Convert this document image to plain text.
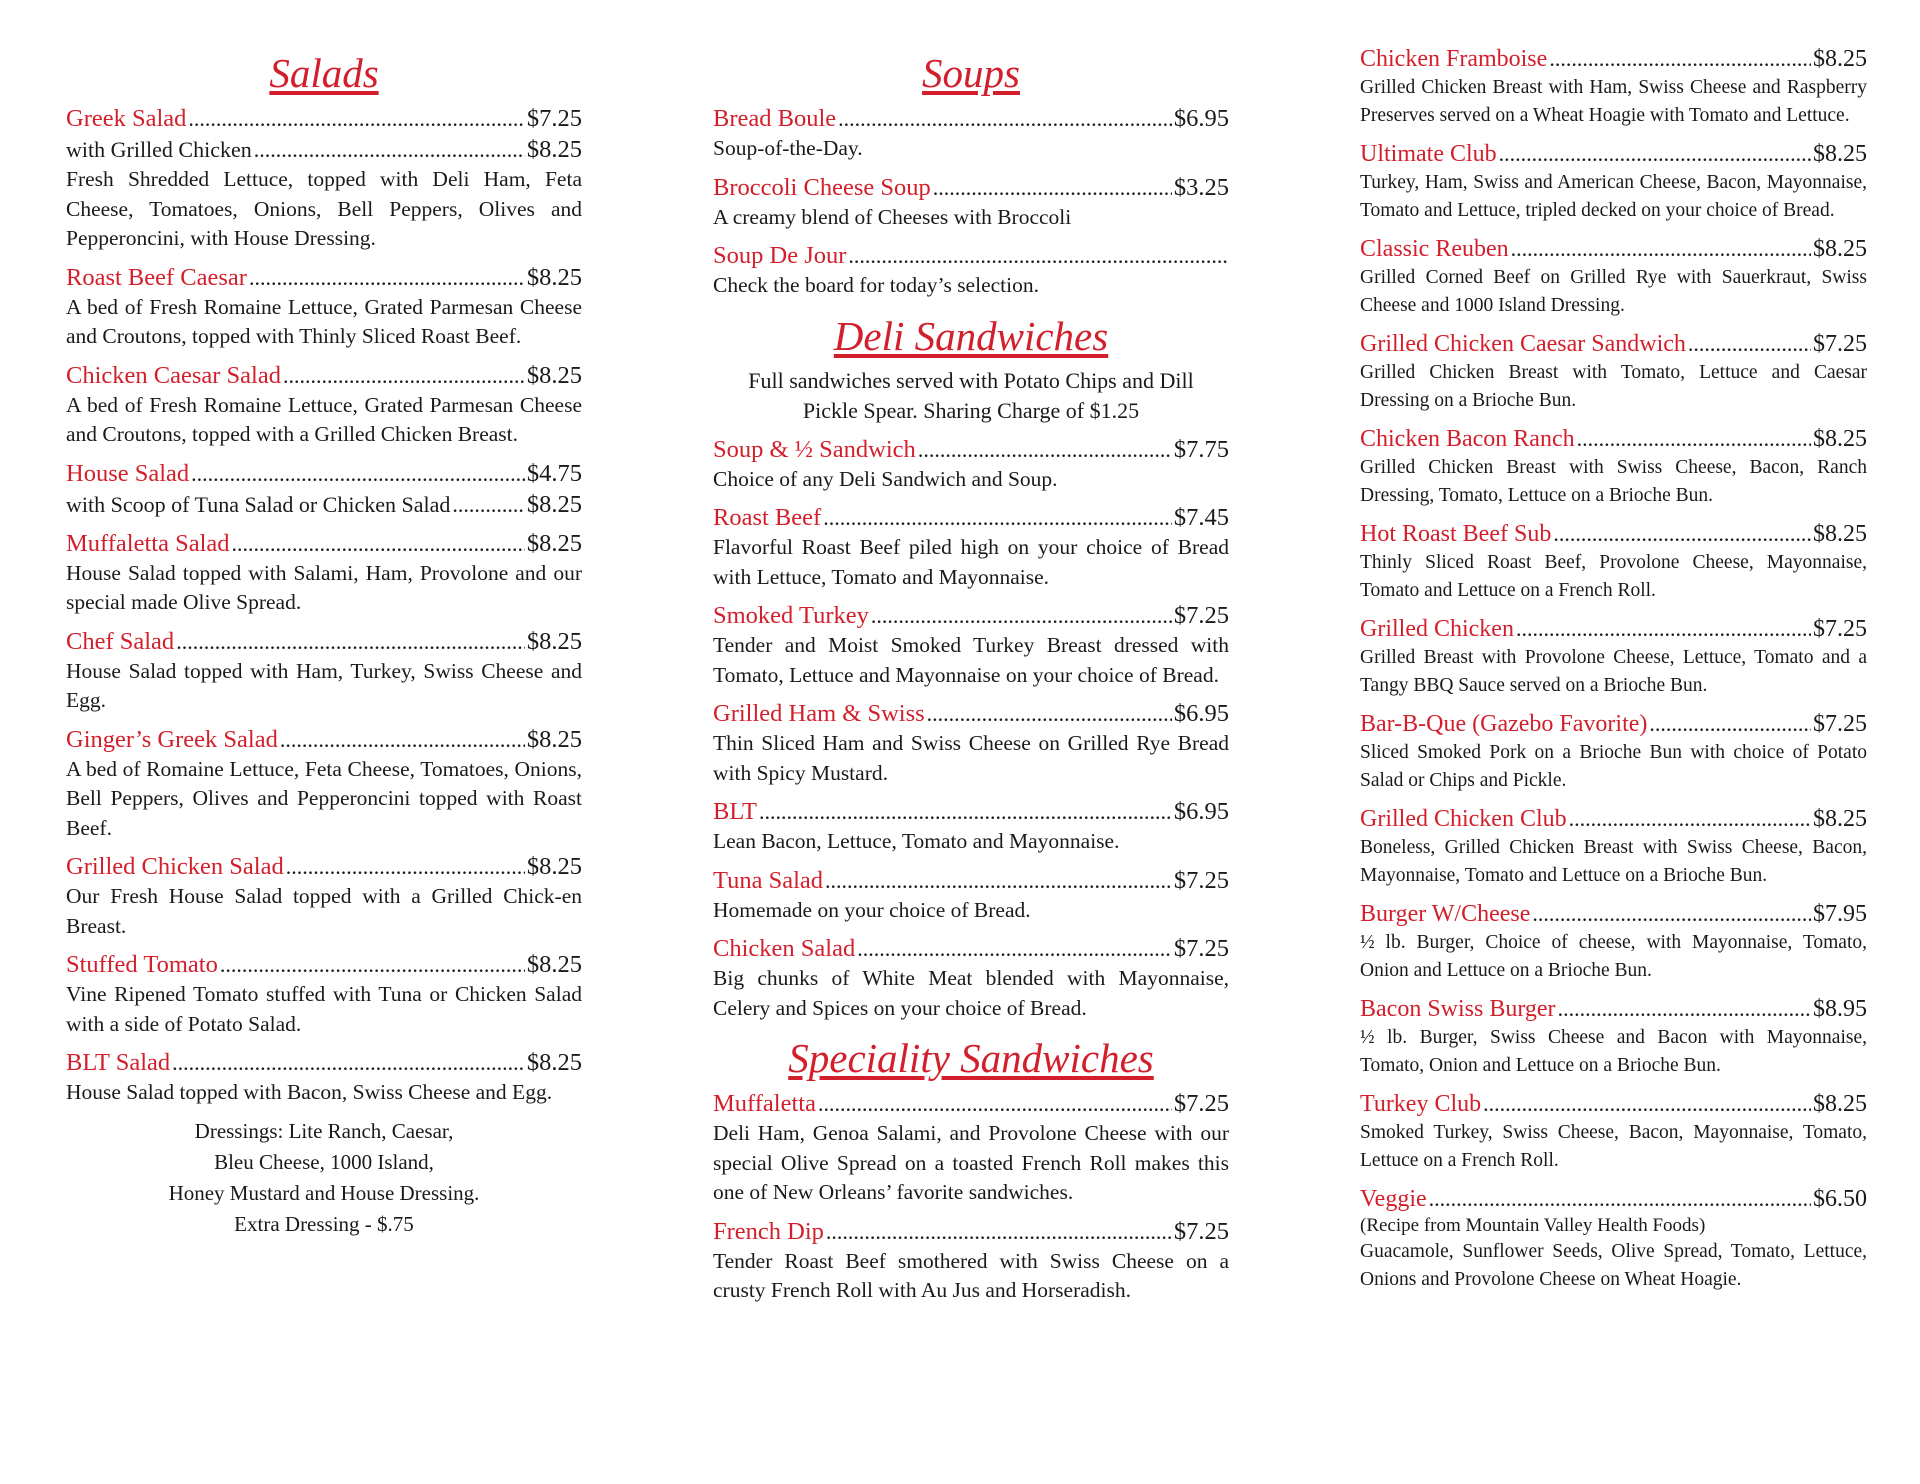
Salads
Greek Salad .....	$7.25
with Grilled Chicken .....	$8.25
Fresh Shredded Lettuce, topped with Deli Ham, Feta Cheese, Tomatoes, Onions, Bell Peppers, Olives and Pepperoncini, with House Dressing.
Roast Beef Caesar .....	$8.25
A bed of Fresh Romaine Lettuce, Grated Parmesan Cheese and Croutons, topped with Thinly Sliced Roast Beef.
Chicken Caesar Salad .....	$8.25
A bed of Fresh Romaine Lettuce, Grated Parmesan Cheese and Croutons, topped with a Grilled Chicken Breast.
House Salad .....	$4.75
with Scoop of Tuna Salad or Chicken Salad .....	$8.25
Muffaletta Salad .....	$8.25
House Salad topped with Salami, Ham, Provolone and our special made Olive Spread.
Chef Salad .....	$8.25
House Salad topped with Ham, Turkey, Swiss Cheese and Egg.
Ginger’s Greek Salad .....	$8.25
A bed of Romaine Lettuce, Feta Cheese, Tomatoes, Onions, Bell Peppers, Olives and Pepperoncini topped with Roast Beef.
Grilled Chicken Salad .....	$8.25
Our Fresh House Salad topped with a Grilled Chick-en Breast.
Stuffed Tomato .....	$8.25
Vine Ripened Tomato stuffed with Tuna or Chicken Salad with a side of Potato Salad.
BLT Salad .....	$8.25
House Salad topped with Bacon, Swiss Cheese and Egg.
Dressings: Lite Ranch, Caesar,
Bleu Cheese, 1000 Island,
Honey Mustard and House Dressing.
Extra Dressing - $.75
Soups
Bread Boule .....	$6.95
Soup-of-the-Day.
Broccoli Cheese Soup .....	$3.25
A creamy blend of Cheeses with Broccoli
Soup De Jour
.....
Check the board for today’s selection.
Deli Sandwiches
Full sandwiches served with Potato Chips and Dill Pickle Spear. Sharing Charge of $1.25
Soup & ½ Sandwich .....	$7.75
Choice of any Deli Sandwich and Soup.
Roast Beef .....	$7.45
Flavorful Roast Beef piled high on your choice of Bread with Lettuce, Tomato and Mayonnaise.
Smoked Turkey .....	$7.25
Tender and Moist Smoked Turkey Breast dressed with Tomato, Lettuce and Mayonnaise on your choice of Bread.
Grilled Ham & Swiss .....	$6.95
Thin Sliced Ham and Swiss Cheese on Grilled Rye Bread with Spicy Mustard.
BLT .....	$6.95
Lean Bacon, Lettuce, Tomato and Mayonnaise.
Tuna Salad .....	$7.25
Homemade on your choice of Bread.
Chicken Salad .....	$7.25
Big chunks of White Meat blended with Mayonnaise, Celery and Spices on your choice of Bread.
Speciality Sandwiches
Muffaletta .....	$7.25
Deli Ham, Genoa Salami, and Provolone Cheese with our special Olive Spread on a toasted French Roll makes this one of New Orleans’ favorite sandwiches.
French Dip .....	$7.25
Tender Roast Beef smothered with Swiss Cheese on a crusty French Roll with Au Jus and Horseradish.
Chicken Framboise .....	$8.25
Grilled Chicken Breast with Ham, Swiss Cheese and Raspberry Preserves served on a Wheat Hoagie with Tomato and Lettuce.
Ultimate Club .....	$8.25
Turkey, Ham, Swiss and American Cheese, Bacon, Mayonnaise, Tomato and Lettuce, tripled decked on your choice of Bread.
Classic Reuben .....	$8.25
Grilled Corned Beef on Grilled Rye with Sauerkraut, Swiss Cheese and 1000 Island Dressing.
Grilled Chicken Caesar Sandwich .....	$7.25
Grilled Chicken Breast with Tomato, Lettuce and Caesar Dressing on a Brioche Bun.
Chicken Bacon Ranch .....	$8.25
Grilled Chicken Breast with Swiss Cheese, Bacon, Ranch Dressing, Tomato, Lettuce on a Brioche Bun.
Hot Roast Beef Sub .....	$8.25
Thinly Sliced Roast Beef, Provolone Cheese, Mayonnaise, Tomato and Lettuce on a French Roll.
Grilled Chicken .....	$7.25
Grilled Breast with Provolone Cheese, Lettuce, Tomato and a Tangy BBQ Sauce served on a Brioche Bun.
Bar-B-Que (Gazebo Favorite) .....	$7.25
Sliced Smoked Pork on a Brioche Bun with choice of Potato Salad or Chips and Pickle.
Grilled Chicken Club .....	$8.25
Boneless, Grilled Chicken Breast with Swiss Cheese, Bacon, Mayonnaise, Tomato and Lettuce on a Brioche Bun.
Burger W/Cheese .....	$7.95
½ lb. Burger, Choice of cheese, with Mayonnaise, Tomato, Onion and Lettuce on a Brioche Bun.
Bacon Swiss Burger .....	$8.95
½ lb. Burger, Swiss Cheese and Bacon with Mayonnaise, Tomato, Onion and Lettuce on a Brioche Bun.
Turkey Club .....	$8.25
Smoked Turkey, Swiss Cheese, Bacon, Mayonnaise, Tomato, Lettuce on a French Roll.
Veggie .....	$6.50
(Recipe from Mountain Valley Health Foods)
Guacamole, Sunflower Seeds, Olive Spread, Tomato, Lettuce, Onions and Provolone Cheese on Wheat Hoagie.
